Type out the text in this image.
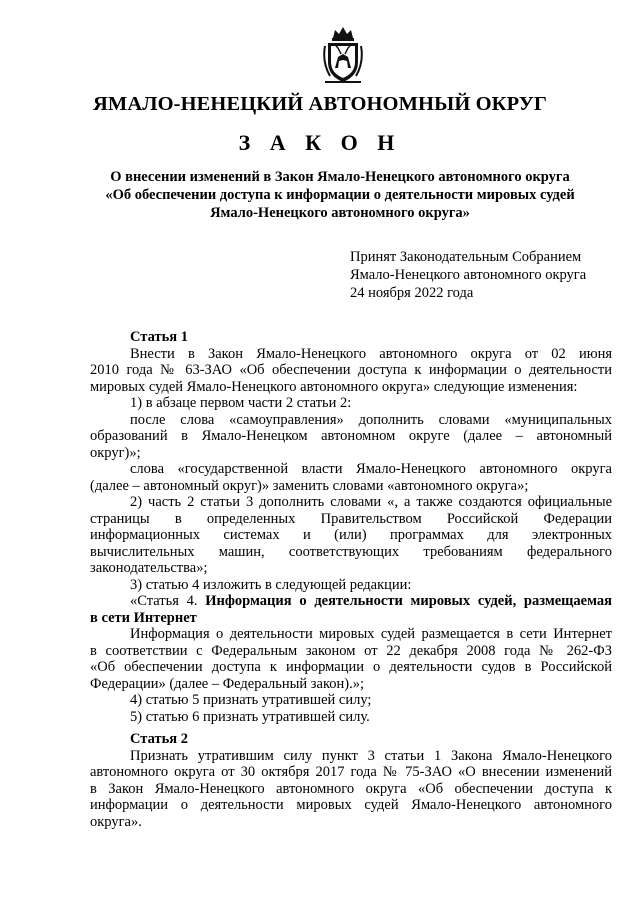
ЯМАЛО-НЕНЕЦКИЙ АВТОНОМНЫЙ ОКРУГ
З А К О Н
О внесении изменений в Закон Ямало-Ненецкого автономного округа
«Об обеспечении доступа к информации о деятельности мировых судей
Ямало-Ненецкого автономного округа»
Принят Законодательным Собранием
Ямало-Ненецкого автономного округа
24 ноября 2022 года
Статья 1
Внести в Закон Ямало-Ненецкого автономного округа от 02 июня
2010 года № 63-ЗАО «Об обеспечении доступа к информации о деятельности
мировых судей Ямало-Ненецкого автономного округа» следующие изменения:
1) в абзаце первом части 2 статьи 2:
после слова «самоуправления» дополнить словами «муниципальных
образований в Ямало-Ненецком автономном округе (далее – автономный
округ)»;
слова «государственной власти Ямало-Ненецкого автономного округа
(далее – автономный округ)» заменить словами «автономного округа»;
2) часть 2 статьи 3 дополнить словами «, а также создаются официальные
страницы в определенных Правительством Российской Федерации
информационных системах и (или) программах для электронных
вычислительных машин, соответствующих требованиям федерального
законодательства»;
3) статью 4 изложить в следующей редакции:
«Статья 4. Информация о деятельности мировых судей, размещаемая
в сети Интернет
Информация о деятельности мировых судей размещается в сети Интернет
в соответствии с Федеральным законом от 22 декабря 2008 года № 262-ФЗ
«Об обеспечении доступа к информации о деятельности судов в Российской
Федерации» (далее – Федеральный закон).»;
4) статью 5 признать утратившей силу;
5) статью 6 признать утратившей силу.
Статья 2
Признать утратившим силу пункт 3 статьи 1 Закона Ямало-Ненецкого
автономного округа от 30 октября 2017 года № 75-ЗАО «О внесении изменений
в Закон Ямало-Ненецкого автономного округа «Об обеспечении доступа к
информации о деятельности мировых судей Ямало-Ненецкого автономного
округа».
